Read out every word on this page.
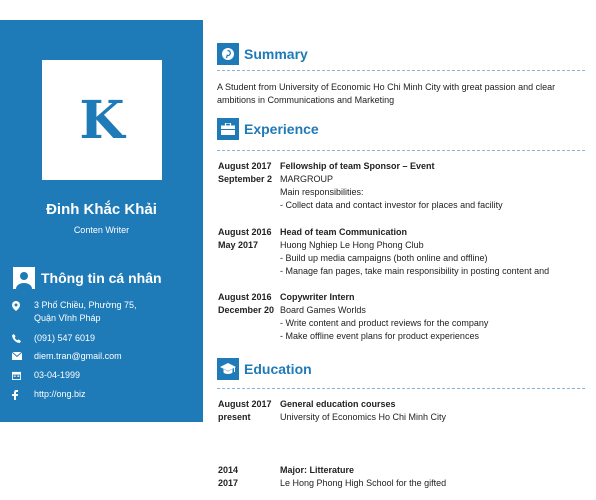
K
Đinh Khắc Khải
Conten Writer
Thông tin cá nhân
3 Phố Chiều, Phường 75,
Quận Vĩnh Pháp
(091) 547 6019
diem.tran@gmail.com
03-04-1999
http://ong.biz
Summary
A Student from University of Economic Ho Chi Minh City with great passion and clear ambitions in Communications and Marketing
Experience
August 2017
September 2
Fellowship of team Sponsor – Event
MARGROUP
Main responsibilities:
- Collect data and contact investor for places and facility
August 2016
May 2017
Head of team Communication
Huong Nghiep Le Hong Phong Club
- Build up media campaigns (both online and offline)
- Manage fan pages, take main responsibility in posting content and
August 2016
December 20
Copywriter Intern
Board Games Worlds
- Write content and product reviews for the company
- Make offline event plans for product experiences
Education
August 2017
present
General education courses
University of Economics Ho Chi Minh City
2014
2017
Major: Litterature
Le Hong Phong High School for the gifted
